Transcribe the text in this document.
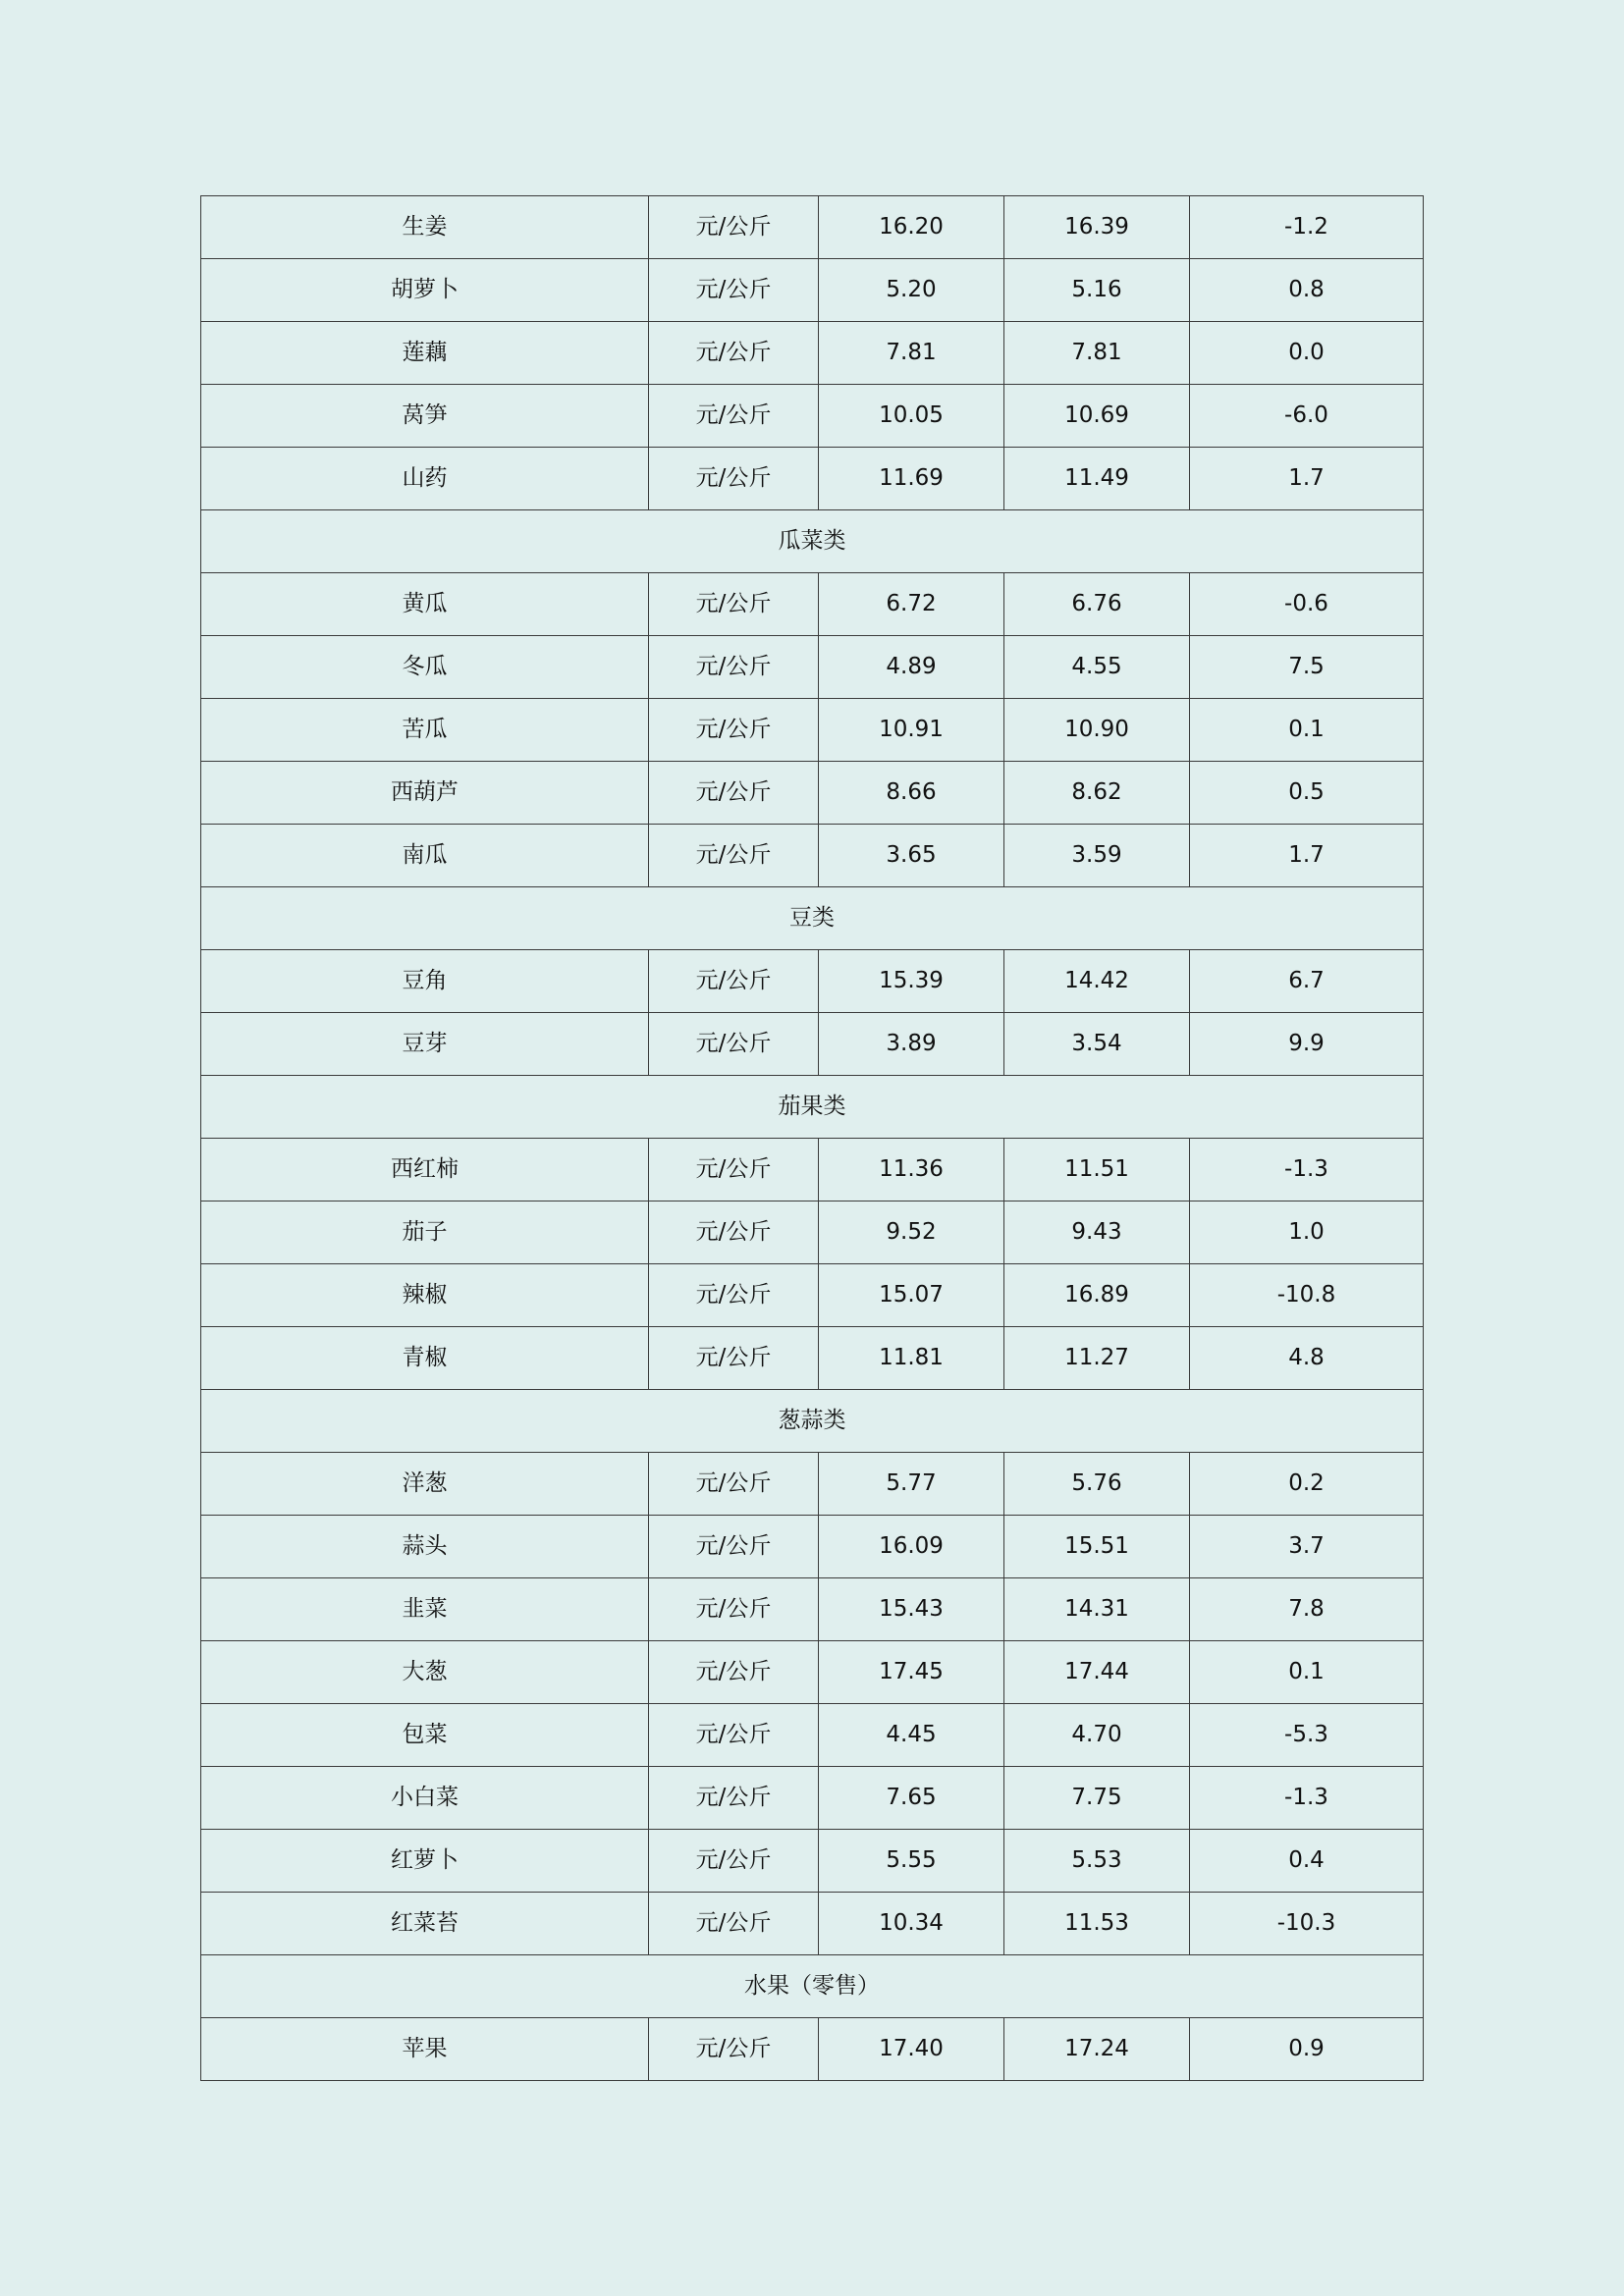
生姜	元/公斤	16.20	16.39	-1.2
胡萝卜	元/公斤	5.20	5.16	0.8
莲藕	元/公斤	7.81	7.81	0.0
莴笋	元/公斤	10.05	10.69	-6.0
山药	元/公斤	11.69	11.49	1.7
瓜菜类				
黄瓜	元/公斤	6.72	6.76	-0.6
冬瓜	元/公斤	4.89	4.55	7.5
苦瓜	元/公斤	10.91	10.90	0.1
西葫芦	元/公斤	8.66	8.62	0.5
南瓜	元/公斤	3.65	3.59	1.7
豆类				
豆角	元/公斤	15.39	14.42	6.7
豆芽	元/公斤	3.89	3.54	9.9
茄果类				
西红柿	元/公斤	11.36	11.51	-1.3
茄子	元/公斤	9.52	9.43	1.0
辣椒	元/公斤	15.07	16.89	-10.8
青椒	元/公斤	11.81	11.27	4.8
葱蒜类				
洋葱	元/公斤	5.77	5.76	0.2
蒜头	元/公斤	16.09	15.51	3.7
韭菜	元/公斤	15.43	14.31	7.8
大葱	元/公斤	17.45	17.44	0.1
包菜	元/公斤	4.45	4.70	-5.3
小白菜	元/公斤	7.65	7.75	-1.3
红萝卜	元/公斤	5.55	5.53	0.4
红菜苔	元/公斤	10.34	11.53	-10.3
水果（零售）				
苹果	元/公斤	17.40	17.24	0.9
